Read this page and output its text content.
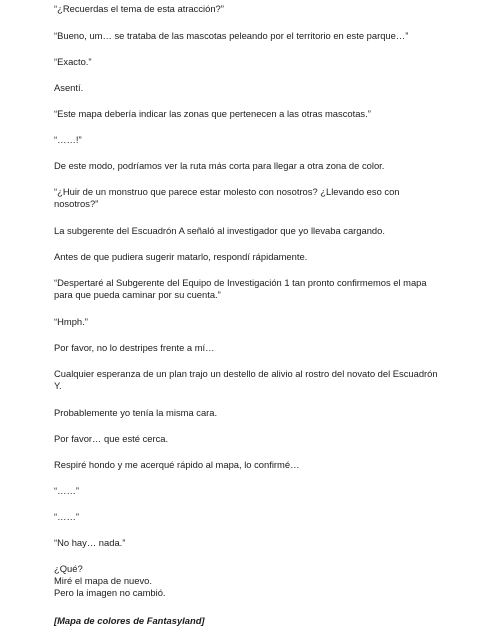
“¿Recuerdas el tema de esta atracción?”

“Bueno, um… se trataba de las mascotas peleando por el territorio en este parque…”

“Exacto.”

Asentí.

“Este mapa debería indicar las zonas que pertenecen a las otras mascotas.”

“……!”

De este modo, podríamos ver la ruta más corta para llegar a otra zona de color.

“¿Huir de un monstruo que parece estar molesto con nosotros? ¿Llevando eso con
nosotros?”

La subgerente del Escuadrón A señaló al investigador que yo llevaba cargando.

Antes de que pudiera sugerir matarlo, respondí rápidamente.

“Despertaré al Subgerente del Equipo de Investigación 1 tan pronto confirmemos el mapa
para que pueda caminar por su cuenta.”

“Hmph.”

Por favor, no lo destripes frente a mí…

Cualquier esperanza de un plan trajo un destello de alivio al rostro del novato del Escuadrón
Y.

Probablemente yo tenía la misma cara.

Por favor… que esté cerca.

Respiré hondo y me acerqué rápido al mapa, lo confirmé…

“……”

“……”

“No hay… nada.”

¿Qué?
Miré el mapa de nuevo.
Pero la imagen no cambió.

[Mapa de colores de Fantasyland]
